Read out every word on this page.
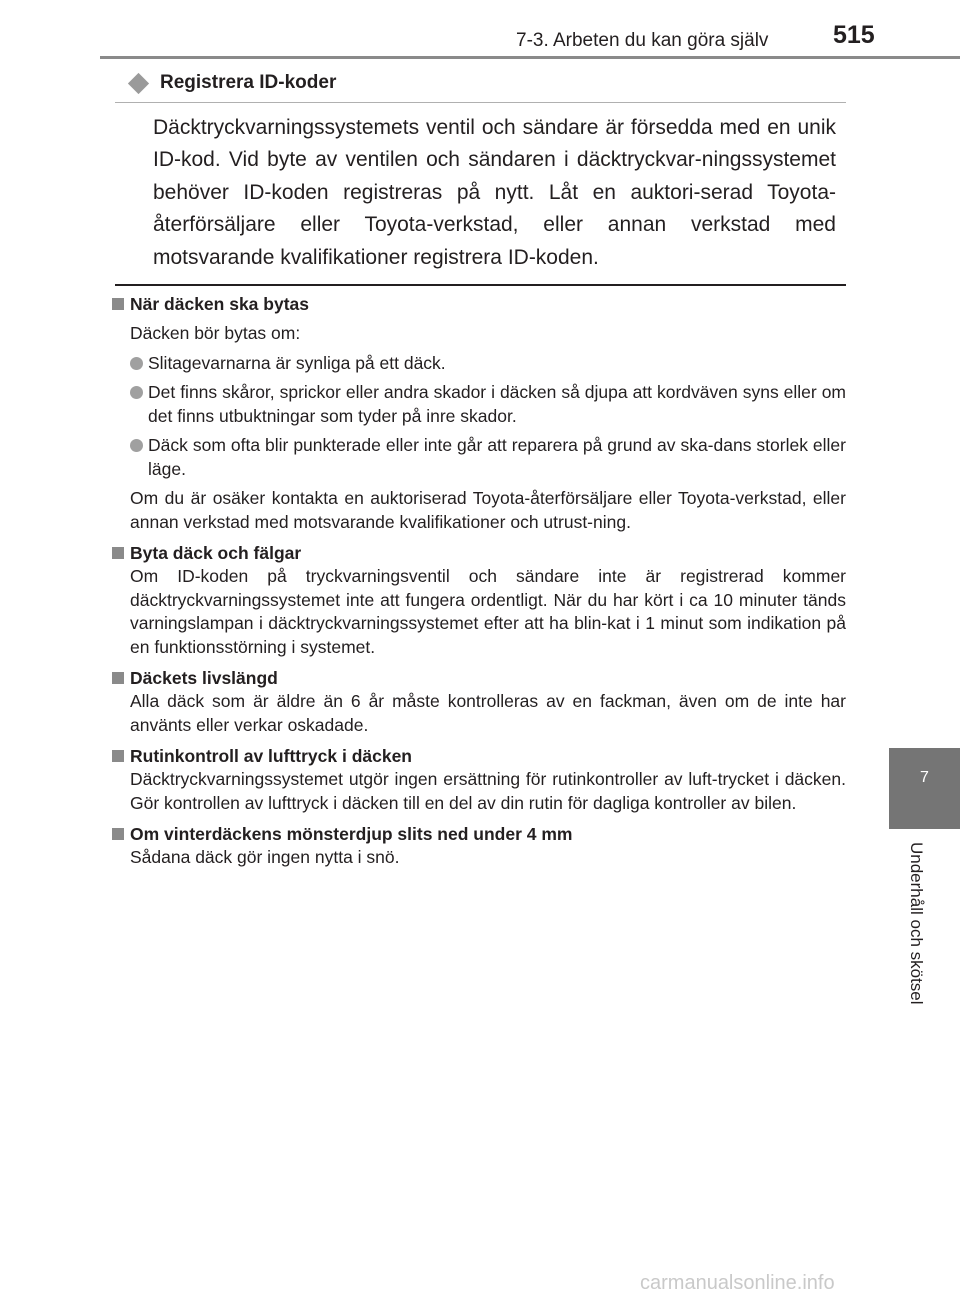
7-3. Arbeten du kan göra själv	515
7
Underhåll och skötsel
Registrera ID-koder
Däcktryckvarningssystemets ventil och sändare är försedda med en unik ID-kod. Vid byte av ventilen och sändaren i däcktryckvar-ningssystemet behöver ID-koden registreras på nytt. Låt en auktori-serad Toyota-återförsäljare eller Toyota-verkstad, eller annan verkstad med motsvarande kvalifikationer registrera ID-koden.
När däcken ska bytas
Däcken bör bytas om:
Slitagevarnarna är synliga på ett däck.
Det finns skåror, sprickor eller andra skador i däcken så djupa att kordväven syns eller om det finns utbuktningar som tyder på inre skador.
Däck som ofta blir punkterade eller inte går att reparera på grund av ska-dans storlek eller läge.
Om du är osäker kontakta en auktoriserad Toyota-återförsäljare eller Toyota-verkstad, eller annan verkstad med motsvarande kvalifikationer och utrust-ning.
Byta däck och fälgar
Om ID-koden på tryckvarningsventil och sändare inte är registrerad kommer däcktryckvarningssystemet inte att fungera ordentligt. När du har kört i ca 10 minuter tänds varningslampan i däcktryckvarningssystemet efter att ha blin-kat i 1 minut som indikation på en funktionsstörning i systemet.
Däckets livslängd
Alla däck som är äldre än 6 år måste kontrolleras av en fackman, även om de inte har använts eller verkar oskadade.
Rutinkontroll av lufttryck i däcken
Däcktryckvarningssystemet utgör ingen ersättning för rutinkontroller av luft-trycket i däcken. Gör kontrollen av lufttryck i däcken till en del av din rutin för dagliga kontroller av bilen.
Om vinterdäckens mönsterdjup slits ned under 4 mm
Sådana däck gör ingen nytta i snö.
carmanualsonline.info
